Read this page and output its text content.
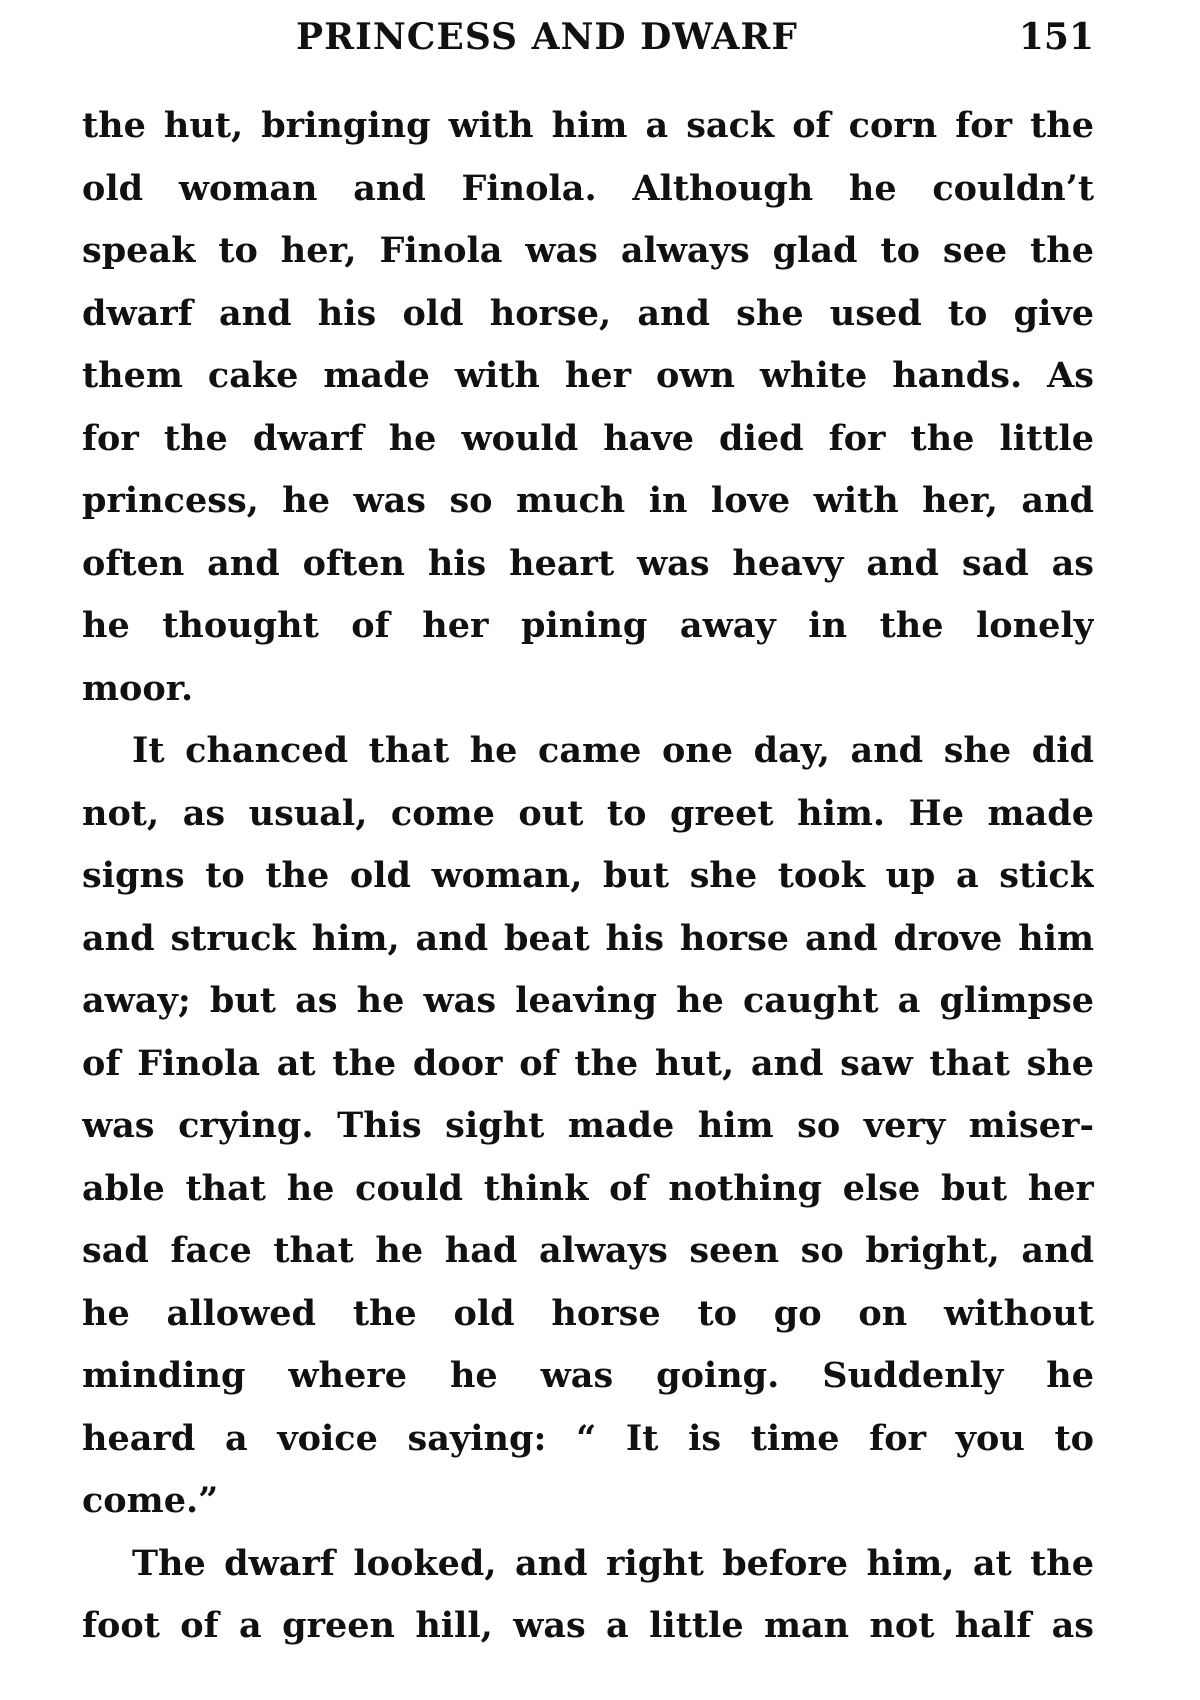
PRINCESS AND DWARF	151
the hut, bringing with him a sack of corn for the
old woman and Finola. Although he couldn’t
speak to her, Finola was always glad to see the
dwarf and his old horse, and she used to give
them cake made with her own white hands. As
for the dwarf he would have died for the little
princess, he was so much in love with her, and
often and often his heart was heavy and sad as
he thought of her pining away in the lonely
moor.
It chanced that he came one day, and she did
not, as usual, come out to greet him. He made
signs to the old woman, but she took up a stick
and struck him, and beat his horse and drove him
away; but as he was leaving he caught a glimpse
of Finola at the door of the hut, and saw that she
was crying. This sight made him so very miser-
able that he could think of nothing else but her
sad face that he had always seen so bright, and
he allowed the old horse to go on without
minding where he was going. Suddenly he
heard a voice saying: “ It is time for you to
come.”
The dwarf looked, and right before him, at the
foot of a green hill, was a little man not half as
